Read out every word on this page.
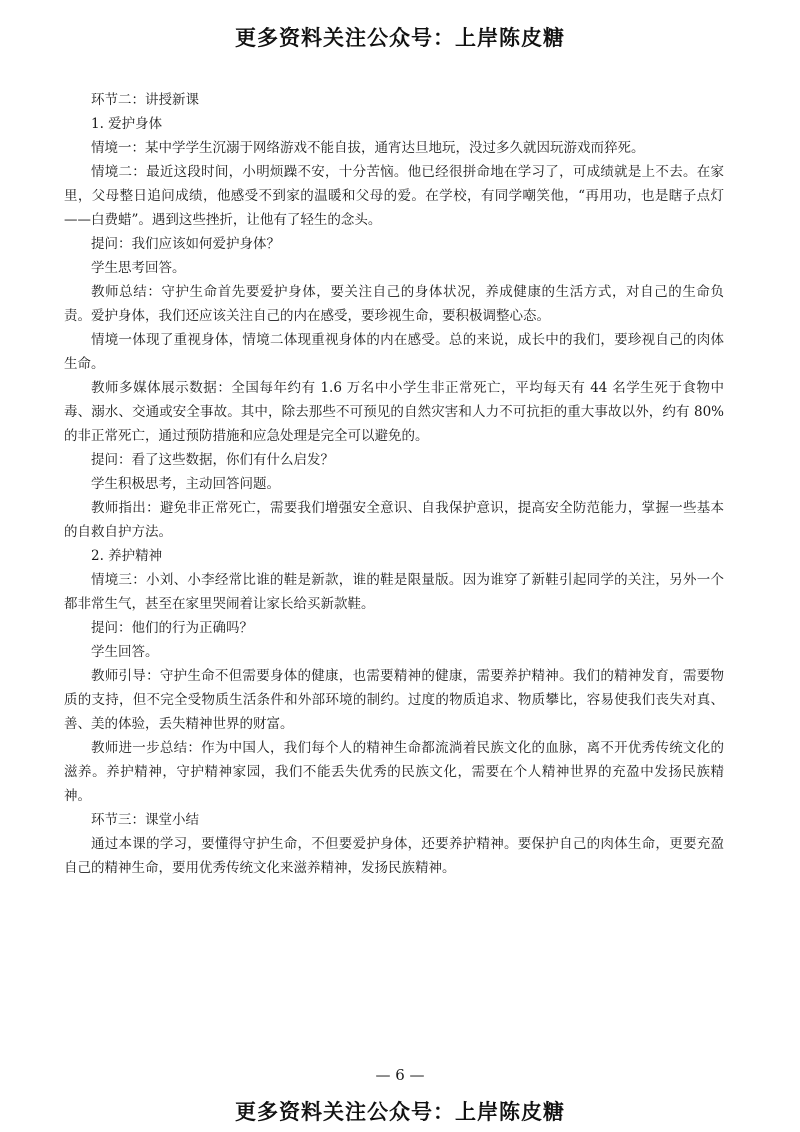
更多资料关注公众号：上岸陈皮糖

环节二：讲授新课

1. 爱护身体

情境一：某中学学生沉溺于网络游戏不能自拔，通宵达旦地玩，没过多久就因玩游戏而猝死。

情境二：最近这段时间，小明烦躁不安，十分苦恼。他已经很拼命地在学习了，可成绩就是上不去。在家里，父母整日追问成绩，他感受不到家的温暖和父母的爱。在学校，有同学嘲笑他，“再用功，也是瞎子点灯——白费蜡”。遇到这些挫折，让他有了轻生的念头。

提问：我们应该如何爱护身体？

学生思考回答。

教师总结：守护生命首先要爱护身体，要关注自己的身体状况，养成健康的生活方式，对自己的生命负责。爱护身体，我们还应该关注自己的内在感受，要珍视生命，要积极调整心态。

情境一体现了重视身体，情境二体现重视身体的内在感受。总的来说，成长中的我们，要珍视自己的肉体生命。

教师多媒体展示数据：全国每年约有 1.6 万名中小学生非正常死亡，平均每天有 44 名学生死于食物中毒、溺水、交通或安全事故。其中，除去那些不可预见的自然灾害和人力不可抗拒的重大事故以外，约有 80% 的非正常死亡，通过预防措施和应急处理是完全可以避免的。

提问：看了这些数据，你们有什么启发？

学生积极思考，主动回答问题。

教师指出：避免非正常死亡，需要我们增强安全意识、自我保护意识，提高安全防范能力，掌握一些基本的自救自护方法。

2. 养护精神

情境三：小刘、小李经常比谁的鞋是新款，谁的鞋是限量版。因为谁穿了新鞋引起同学的关注，另外一个都非常生气，甚至在家里哭闹着让家长给买新款鞋。

提问：他们的行为正确吗？

学生回答。

教师引导：守护生命不但需要身体的健康，也需要精神的健康，需要养护精神。我们的精神发育，需要物质的支持，但不完全受物质生活条件和外部环境的制约。过度的物质追求、物质攀比，容易使我们丧失对真、善、美的体验，丢失精神世界的财富。

教师进一步总结：作为中国人，我们每个人的精神生命都流淌着民族文化的血脉，离不开优秀传统文化的滋养。养护精神，守护精神家园，我们不能丢失优秀的民族文化，需要在个人精神世界的充盈中发扬民族精神。

环节三：课堂小结

通过本课的学习，要懂得守护生命，不但要爱护身体，还要养护精神。要保护自己的肉体生命，更要充盈自己的精神生命，要用优秀传统文化来滋养精神，发扬民族精神。

— 6 —
更多资料关注公众号：上岸陈皮糖
